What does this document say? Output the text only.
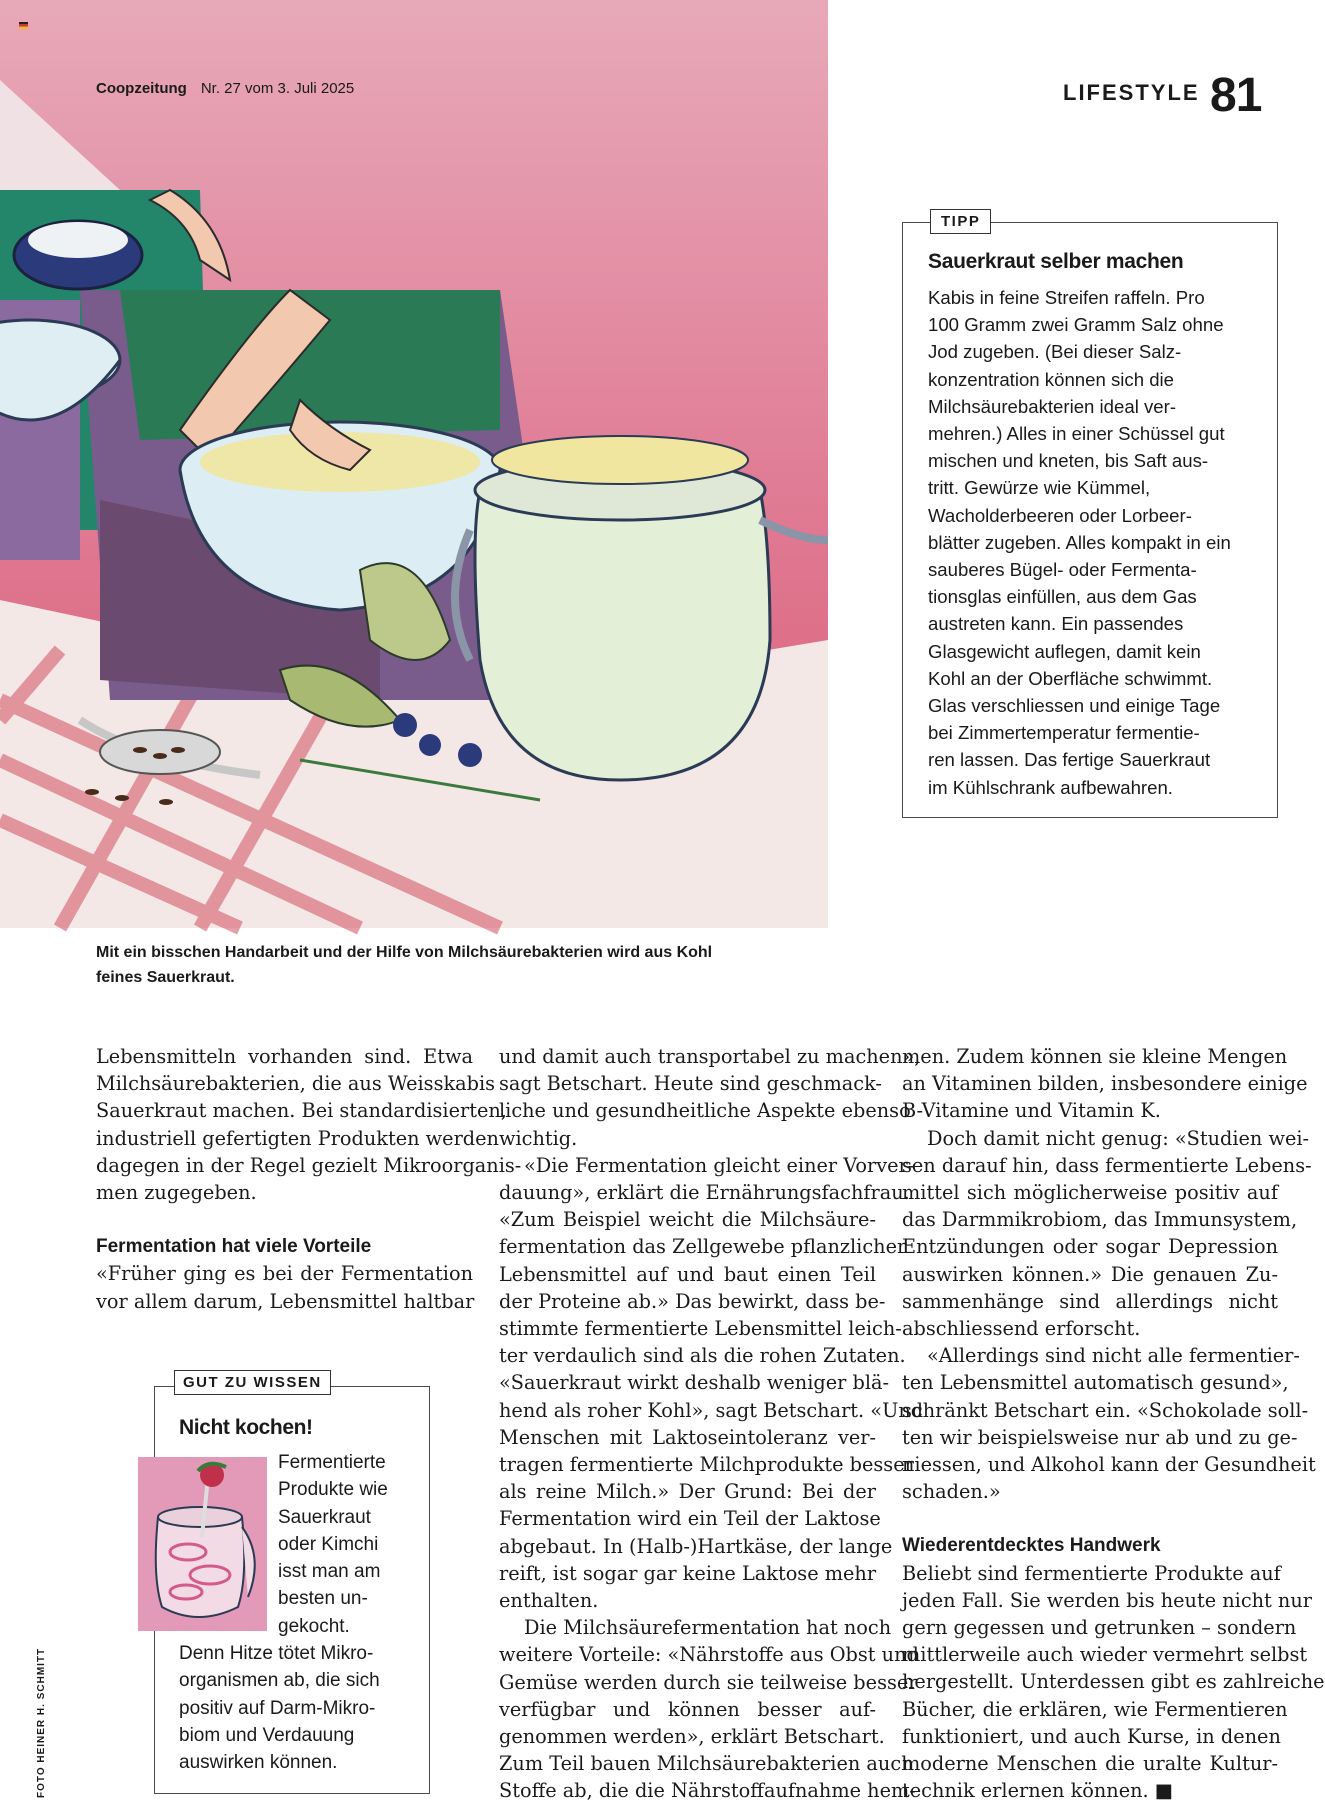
Coopzeitung Nr. 27 vom 3. Juli 2025	LIFESTYLE 81
TIPP
Sauerkraut selber machen
Kabis in feine Streifen raffeln. Pro
100 Gramm zwei Gramm Salz ohne
Jod zugeben. (Bei dieser Salz-
konzentration können sich die
Milchsäurebakterien ideal ver-
mehren.) Alles in einer Schüssel gut
mischen und kneten, bis Saft aus-
tritt. Gewürze wie Kümmel,
Wacholderbeeren oder Lorbeer-
blätter zugeben. Alles kompakt in ein
sauberes Bügel- oder Fermenta-
tionsglas einfüllen, aus dem Gas
austreten kann. Ein passendes
Glasgewicht auflegen, damit kein
Kohl an der Oberfläche schwimmt.
Glas verschliessen und einige Tage
bei Zimmertemperatur fermentie-
ren lassen. Das fertige Sauerkraut
im Kühlschrank aufbewahren.
Mit ein bisschen Handarbeit und der Hilfe von Milchsäurebakterien wird aus Kohl
feines Sauerkraut.
Lebensmitteln vorhanden sind. Etwa
Milchsäurebakterien, die aus Weisskabis
Sauerkraut machen. Bei standardisierten,
industriell gefertigten Produkten werden
dagegen in der Regel gezielt Mikroorganis-
men zugegeben.
Fermentation hat viele Vorteile
«Früher ging es bei der Fermentation
vor allem darum, Lebensmittel haltbar
GUT ZU WISSEN
Nicht kochen!
Fermentierte
Produkte wie
Sauerkraut
oder Kimchi
isst man am
besten un-
gekocht.
Denn Hitze tötet Mikro-
organismen ab, die sich
positiv auf Darm-Mikro-
biom und Verdauung
auswirken können.
und damit auch transportabel zu machen»,
sagt Betschart. Heute sind geschmack-
liche und gesundheitliche Aspekte ebenso
wichtig.
«Die Fermentation gleicht einer Vorver-
dauung», erklärt die Ernährungsfachfrau.
«Zum Beispiel weicht die Milchsäure-
fermentation das Zellgewebe pflanzlicher
Lebensmittel auf und baut einen Teil
der Proteine ab.» Das bewirkt, dass be-
stimmte fermentierte Lebensmittel leich-
ter verdaulich sind als die rohen Zutaten.
«Sauerkraut wirkt deshalb weniger blä-
hend als roher Kohl», sagt Betschart. «Und
Menschen mit Laktoseintoleranz ver-
tragen fermentierte Milchprodukte besser
als reine Milch.» Der Grund: Bei der
Fermentation wird ein Teil der Laktose
abgebaut. In (Halb-)Hartkäse, der lange
reift, ist sogar gar keine Laktose mehr
enthalten.
Die Milchsäurefermentation hat noch
weitere Vorteile: «Nährstoffe aus Obst und
Gemüse werden durch sie teilweise besser
verfügbar und können besser auf-
genommen werden», erklärt Betschart.
Zum Teil bauen Milchsäurebakterien auch
Stoffe ab, die die Nährstoffaufnahme hem-
men. Zudem können sie kleine Mengen
an Vitaminen bilden, insbesondere einige
B-Vitamine und Vitamin K.
Doch damit nicht genug: «Studien wei-
sen darauf hin, dass fermentierte Lebens-
mittel sich möglicherweise positiv auf
das Darmmikrobiom, das Immunsystem,
Entzündungen oder sogar Depression
auswirken können.» Die genauen Zu-
sammenhänge sind allerdings nicht
abschliessend erforscht.
«Allerdings sind nicht alle fermentier-
ten Lebensmittel automatisch gesund»,
schränkt Betschart ein. «Schokolade soll-
ten wir beispielsweise nur ab und zu ge-
niessen, und Alkohol kann der Gesundheit
schaden.»
Wiederentdecktes Handwerk
Beliebt sind fermentierte Produkte auf
jeden Fall. Sie werden bis heute nicht nur
gern gegessen und getrunken – sondern
mittlerweile auch wieder vermehrt selbst
hergestellt. Unterdessen gibt es zahlreiche
Bücher, die erklären, wie Fermentieren
funktioniert, und auch Kurse, in denen
moderne Menschen die uralte Kultur-
technik erlernen können. ■
FOTO HEINER H. SCHMITT
